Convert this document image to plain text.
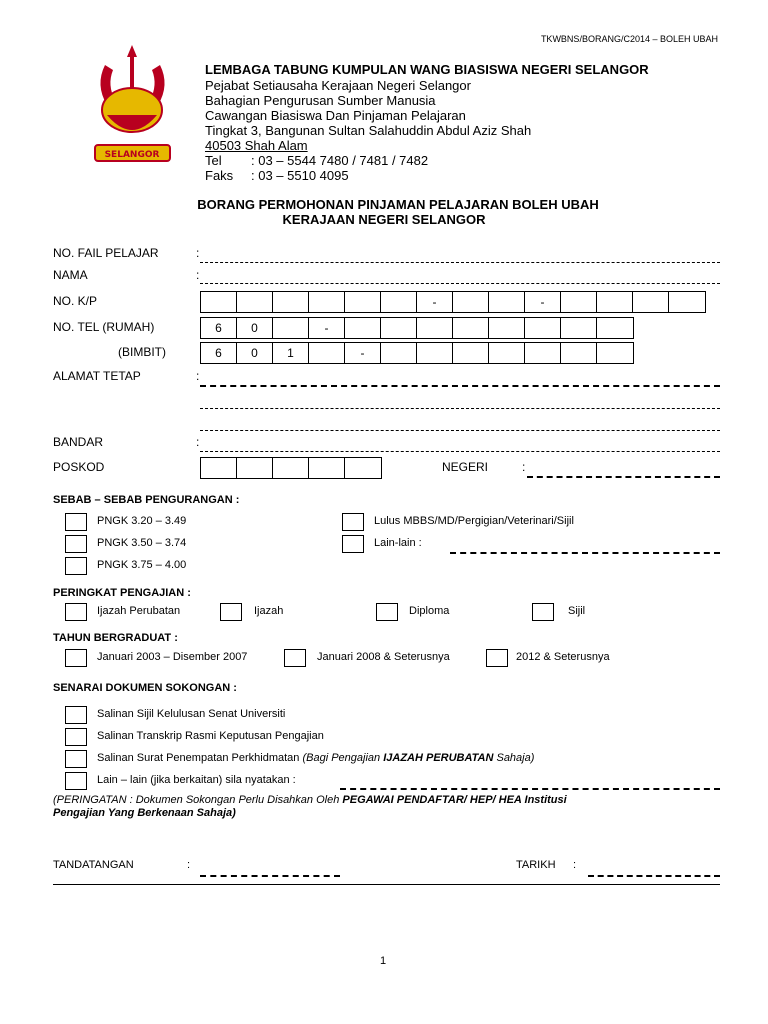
TKWBNS/BORANG/C2014 – BOLEH UBAH
SELANGOR
LEMBAGA TABUNG KUMPULAN WANG BIASISWA NEGERI SELANGOR
Pejabat Setiausaha Kerajaan Negeri Selangor
Bahagian Pengurusan Sumber Manusia
Cawangan Biasiswa Dan Pinjaman Pelajaran
Tingkat 3, Bangunan Sultan Salahuddin Abdul Aziz Shah
40503 Shah Alam
Tel : 03 – 5544 7480 / 7481 / 7482
Faks : 03 – 5510 4095
BORANG PERMOHONAN PINJAMAN PELAJARAN BOLEH UBAH
KERAJAAN NEGERI SELANGOR
NO. FAIL PELAJAR	:
NAMA	:
NO. K/P	-	-
NO. TEL (RUMAH)	6	0	-
(BIMBIT)	6	0	1	-
ALAMAT TETAP	:
BANDAR	:
POSKOD	NEGERI	:
SEBAB – SEBAB PENGURANGAN :
PNGK 3.20 – 3.49
PNGK 3.50 – 3.74
PNGK 3.75 – 4.00
Lulus MBBS/MD/Pergigian/Veterinari/Sijil
Lain-lain :
PERINGKAT PENGAJIAN :
Ijazah Perubatan	Ijazah	Diploma	Sijil
TAHUN BERGRADUAT :
Januari 2003 – Disember 2007	Januari 2008 & Seterusnya	2012 & Seterusnya
SENARAI DOKUMEN SOKONGAN :
Salinan Sijil Kelulusan Senat Universiti
Salinan Transkrip Rasmi Keputusan Pengajian
Salinan Surat Penempatan Perkhidmatan (Bagi Pengajian IJAZAH PERUBATAN Sahaja)
Lain – lain (jika berkaitan) sila nyatakan :
(PERINGATAN : Dokumen Sokongan Perlu Disahkan Oleh PEGAWAI PENDAFTAR/ HEP/ HEA Institusi
Pengajian Yang Berkenaan Sahaja)
TANDATANGAN	:	TARIKH :
1
